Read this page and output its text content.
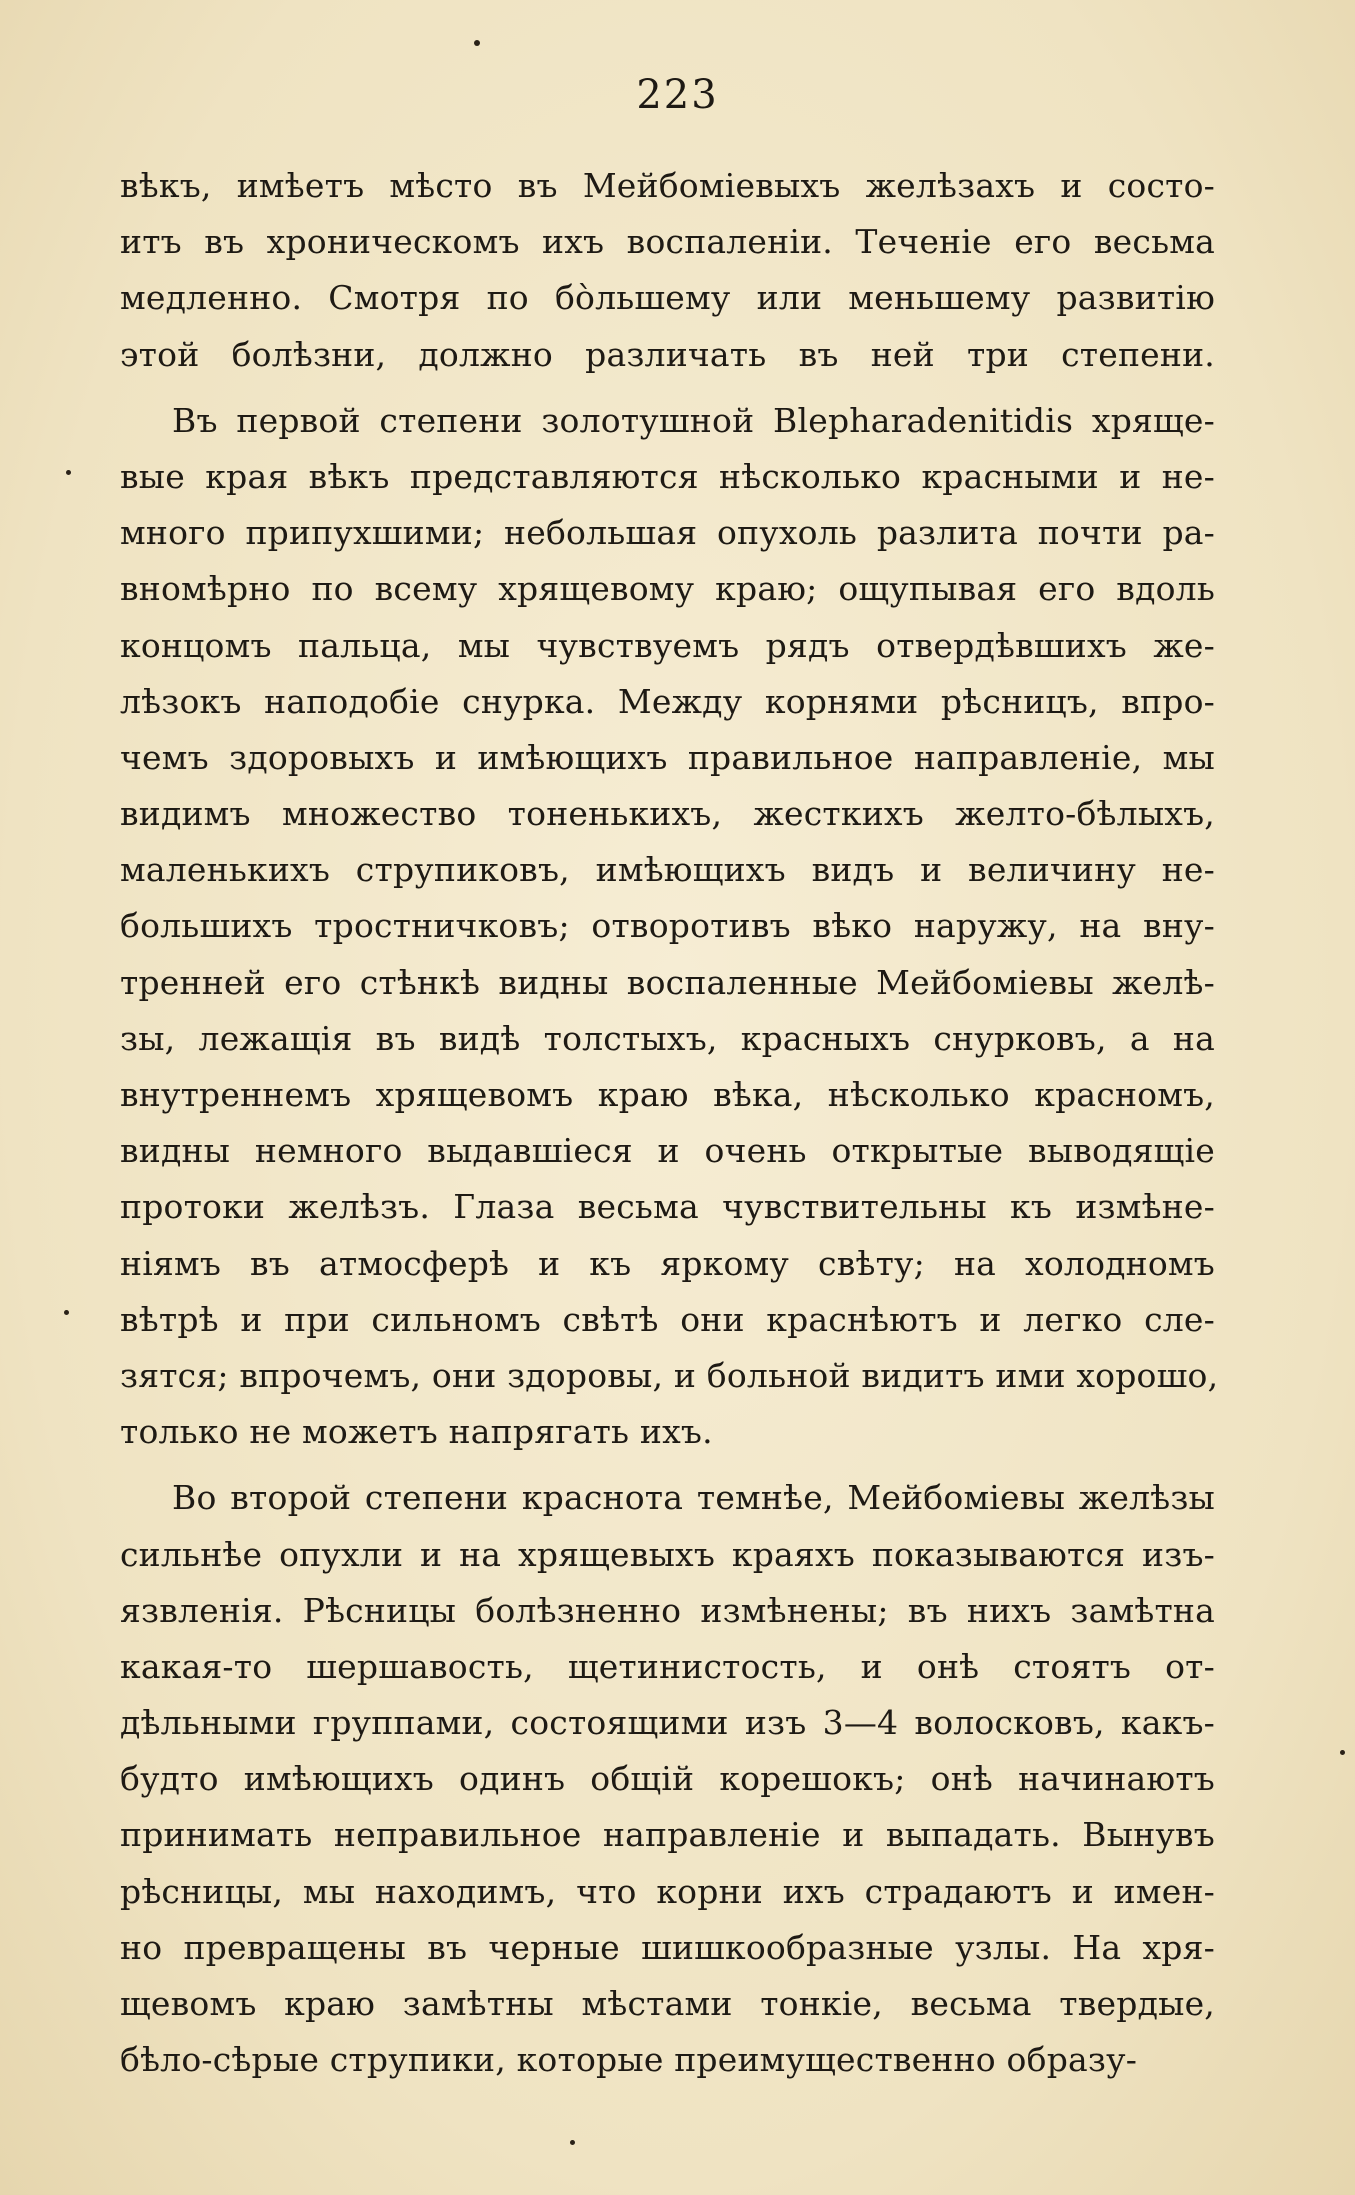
223
вѣкъ, имѣетъ мѣсто въ Мейбомiевыхъ желѣзахъ и состо-
итъ въ хроническомъ ихъ воспаленiи. Теченiе его весьма
медленно. Смотря по бо̀льшему или меньшему развитiю
этой болѣзни, должно различать въ ней три степени.
Въ первой степени золотушной Blepharadenitidis хряще-
вые края вѣкъ представляются нѣсколько красными и не-
много припухшими; небольшая опухоль разлита почти ра-
вномѣрно по всему хрящевому краю; ощупывая его вдоль
концомъ пальца, мы чувствуемъ рядъ отвердѣвшихъ же-
лѣзокъ наподобiе снурка. Между корнями рѣсницъ, впро-
чемъ здоровыхъ и имѣющихъ правильное направленiе, мы
видимъ множество тоненькихъ, жесткихъ желто-бѣлыхъ,
маленькихъ струпиковъ, имѣющихъ видъ и величину не-
большихъ тростничковъ; отворотивъ вѣко наружу, на вну-
тренней его стѣнкѣ видны воспаленные Мейбомiевы желѣ-
зы, лежащiя въ видѣ толстыхъ, красныхъ снурковъ, а на
внутреннемъ хрящевомъ краю вѣка, нѣсколько красномъ,
видны немного выдавшiеся и очень открытые выводящiе
протоки желѣзъ. Глаза весьма чувствительны къ измѣне-
нiямъ въ атмосферѣ и къ яркому свѣту; на холодномъ
вѣтрѣ и при сильномъ свѣтѣ они краснѣютъ и легко сле-
зятся; впрочемъ, они здоровы, и больной видитъ ими хорошо,
только не можетъ напрягать ихъ.
Во второй степени краснота темнѣе, Мейбомiевы желѣзы
сильнѣе опухли и на хрящевыхъ краяхъ показываются изъ-
язвленiя. Рѣсницы болѣзненно измѣнены; въ нихъ замѣтна
какая-то шершавость, щетинистость, и онѣ стоятъ от-
дѣльными группами, состоящими изъ 3—4 волосковъ, какъ-
будто имѣющихъ одинъ общiй корешокъ; онѣ начинаютъ
принимать неправильное направленiе и выпадать. Вынувъ
рѣсницы, мы находимъ, что корни ихъ страдаютъ и имен-
но превращены въ черные шишкообразные узлы. На хря-
щевомъ краю замѣтны мѣстами тонкiе, весьма твердые,
бѣло-сѣрые струпики, которые преимущественно образу-
